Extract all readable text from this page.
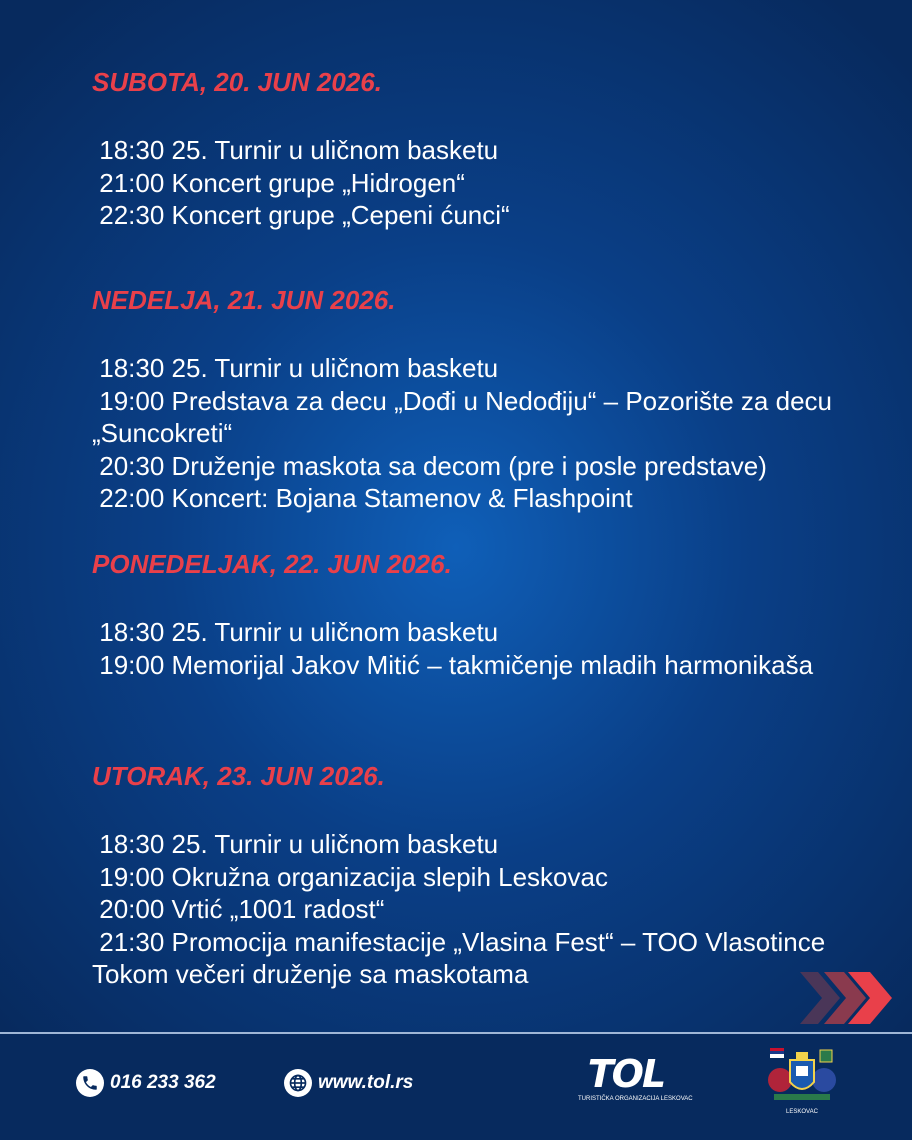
SUBOTA, 20. JUN 2026.

18:30 25. Turnir u uličnom basketu

21:00 Koncert grupe „Hidrogen“

22:30 Koncert grupe „Cepeni ćunci“

NEDELJA, 21. JUN 2026.

18:30 25. Turnir u uličnom basketu

19:00 Predstava za decu „Dođi u Nedođiju“ – Pozorište za decu „Suncokreti“

20:30 Druženje maskota sa decom (pre i posle predstave)

22:00 Koncert: Bojana Stamenov & Flashpoint

PONEDELJAK, 22. JUN 2026.

18:30 25. Turnir u uličnom basketu

19:00 Memorijal Jakov Mitić – takmičenje mladih harmonikaša

UTORAK, 23. JUN 2026.

18:30 25. Turnir u uličnom basketu

19:00 Okružna organizacija slepih Leskovac

20:00 Vrtić „1001 radost“

21:30 Promocija manifestacije „Vlasina Fest“ – TOO Vlasotince

Tokom večeri druženje sa maskotama

016 233 362	www.tol.rs	TOL
TURISTIČKA ORGANIZACIJA LESKOVAC
LESKOVAC
